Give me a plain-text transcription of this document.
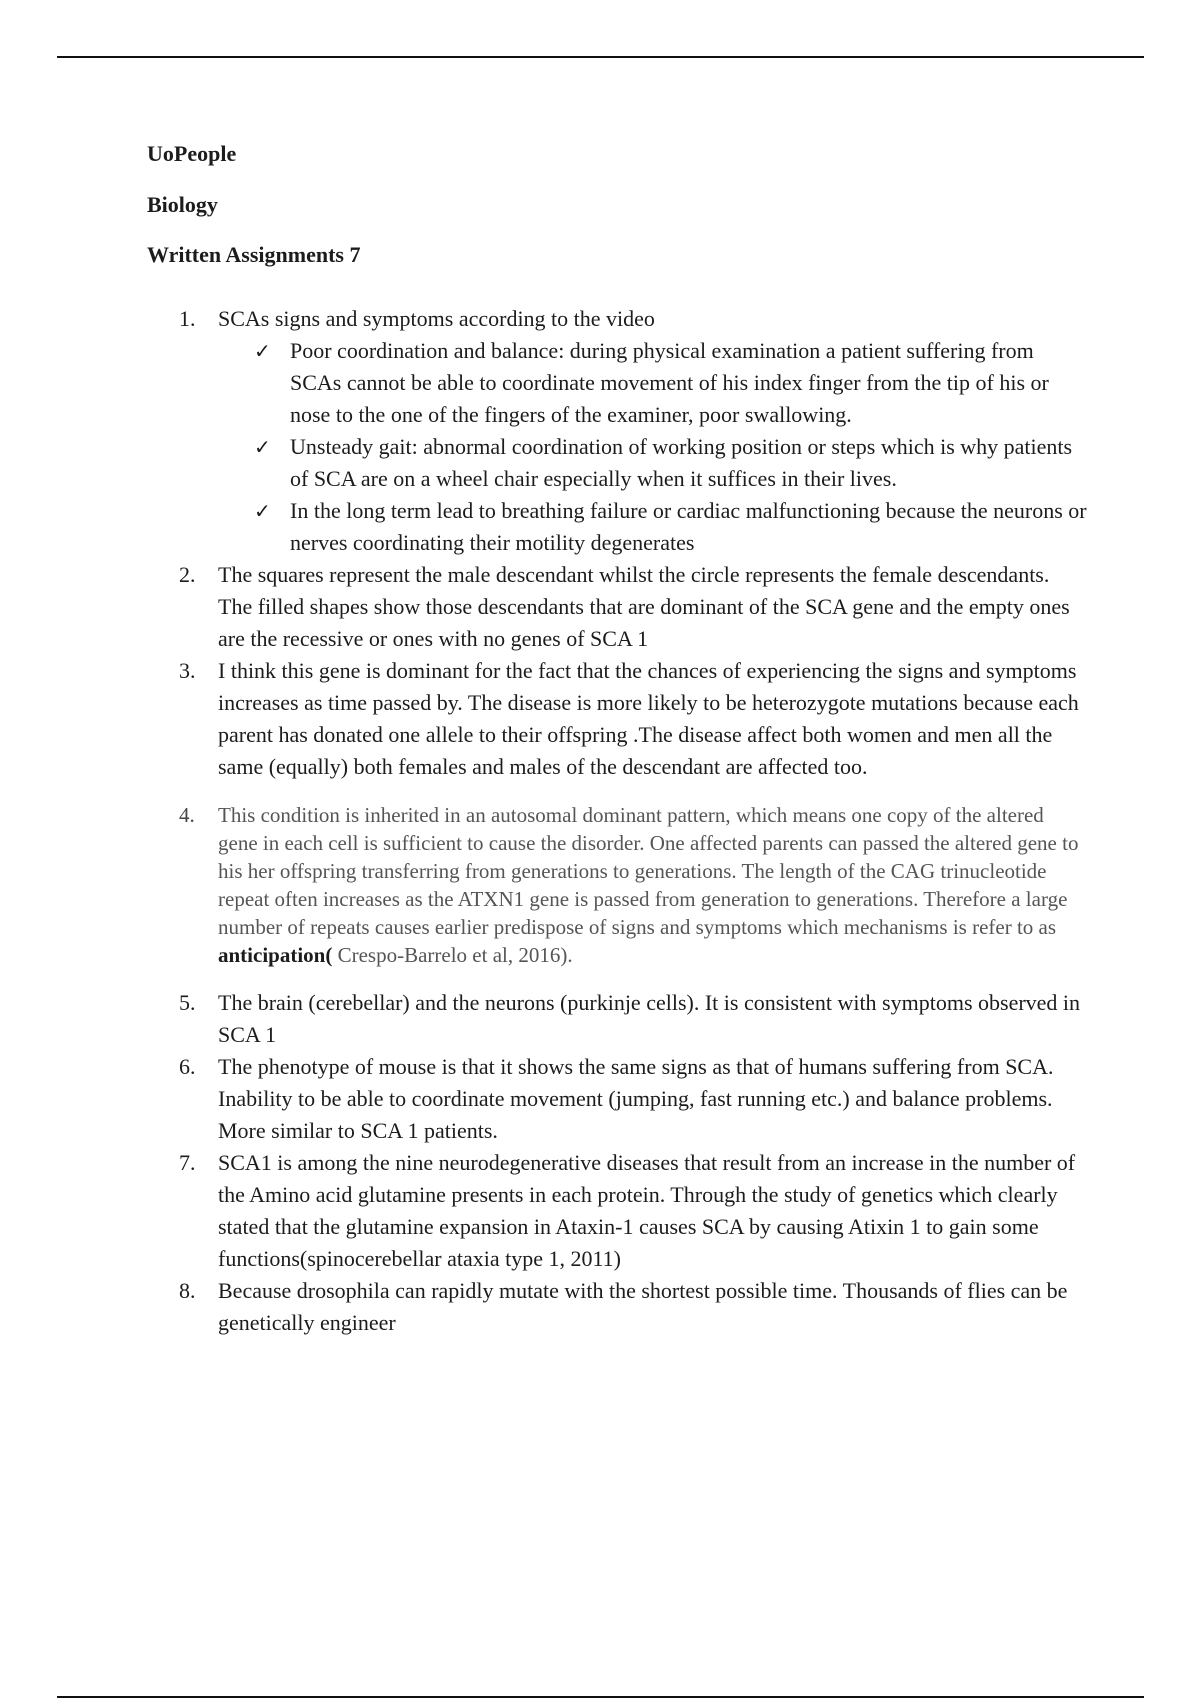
UoPeople

Biology

Written Assignments 7

1. SCAs signs and symptoms according to the video
✓ Poor coordination and balance: during physical examination a patient suffering from SCAs cannot be able to coordinate movement of his index finger from the tip of his or nose to the one of the fingers of the examiner, poor swallowing.
✓ Unsteady gait: abnormal coordination of working position or steps which is why patients of SCA are on a wheel chair especially when it suffices in their lives.
✓ In the long term lead to breathing failure or cardiac malfunctioning because the neurons or nerves coordinating their motility degenerates
2. The squares represent the male descendant whilst the circle represents the female descendants. The filled shapes show those descendants that are dominant of the SCA gene and the empty ones are the recessive or ones with no genes of SCA 1
3. I think this gene is dominant for the fact that the chances of experiencing the signs and symptoms increases as time passed by. The disease is more likely to be heterozygote mutations because each parent has donated one allele to their offspring .The disease affect both women and men all the same (equally) both females and males of the descendant are affected too.
4. This condition is inherited in an autosomal dominant pattern, which means one copy of the altered gene in each cell is sufficient to cause the disorder. One affected parents can passed the altered gene to his her offspring transferring from generations to generations. The length of the CAG trinucleotide repeat often increases as the ATXN1 gene is passed from generation to generations. Therefore a large number of repeats causes earlier predispose of signs and symptoms which mechanisms is refer to as anticipation( Crespo-Barrelo et al, 2016).
5. The brain (cerebellar) and the neurons (purkinje cells). It is consistent with symptoms observed in SCA 1
6. The phenotype of mouse is that it shows the same signs as that of humans suffering from SCA. Inability to be able to coordinate movement (jumping, fast running etc.) and balance problems. More similar to SCA 1 patients.
7. SCA1 is among the nine neurodegenerative diseases that result from an increase in the number of the Amino acid glutamine presents in each protein. Through the study of genetics which clearly stated that the glutamine expansion in Ataxin-1 causes SCA by causing Atixin 1 to gain some functions(spinocerebellar ataxia type 1, 2011)
8. Because drosophila can rapidly mutate with the shortest possible time. Thousands of flies can be genetically engineer
